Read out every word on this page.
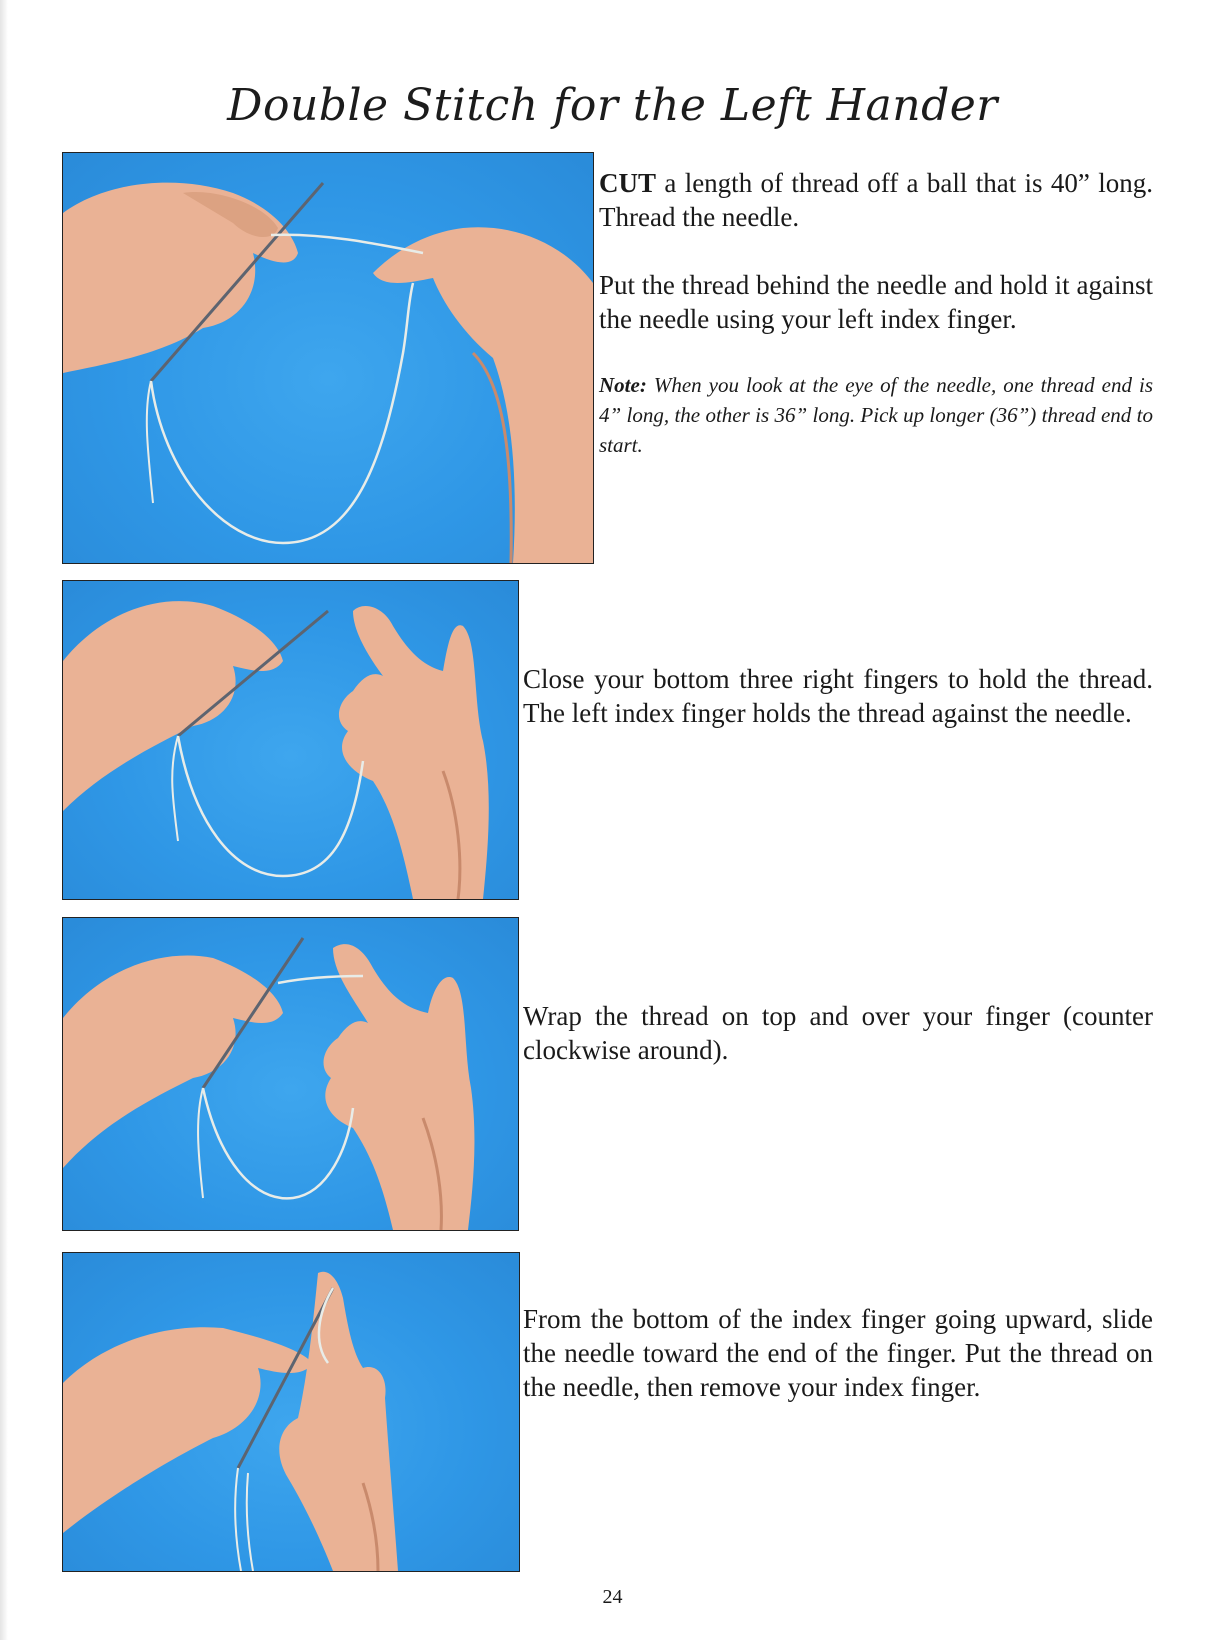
Double Stitch for the Left Hander

CUT a length of thread off a ball that is 40” long. Thread the needle.

Put the thread behind the needle and hold it against the needle using your left index finger.

Note: When you look at the eye of the needle, one thread end is 4” long, the other is 36” long. Pick up longer (36”) thread end to start.

Close your bottom three right fingers to hold the thread. The left index finger holds the thread against the needle.

Wrap the thread on top and over your finger (counter clockwise around).

From the bottom of the index finger going upward, slide the needle toward the end of the finger. Put the thread on the needle, then remove your index finger.

24
